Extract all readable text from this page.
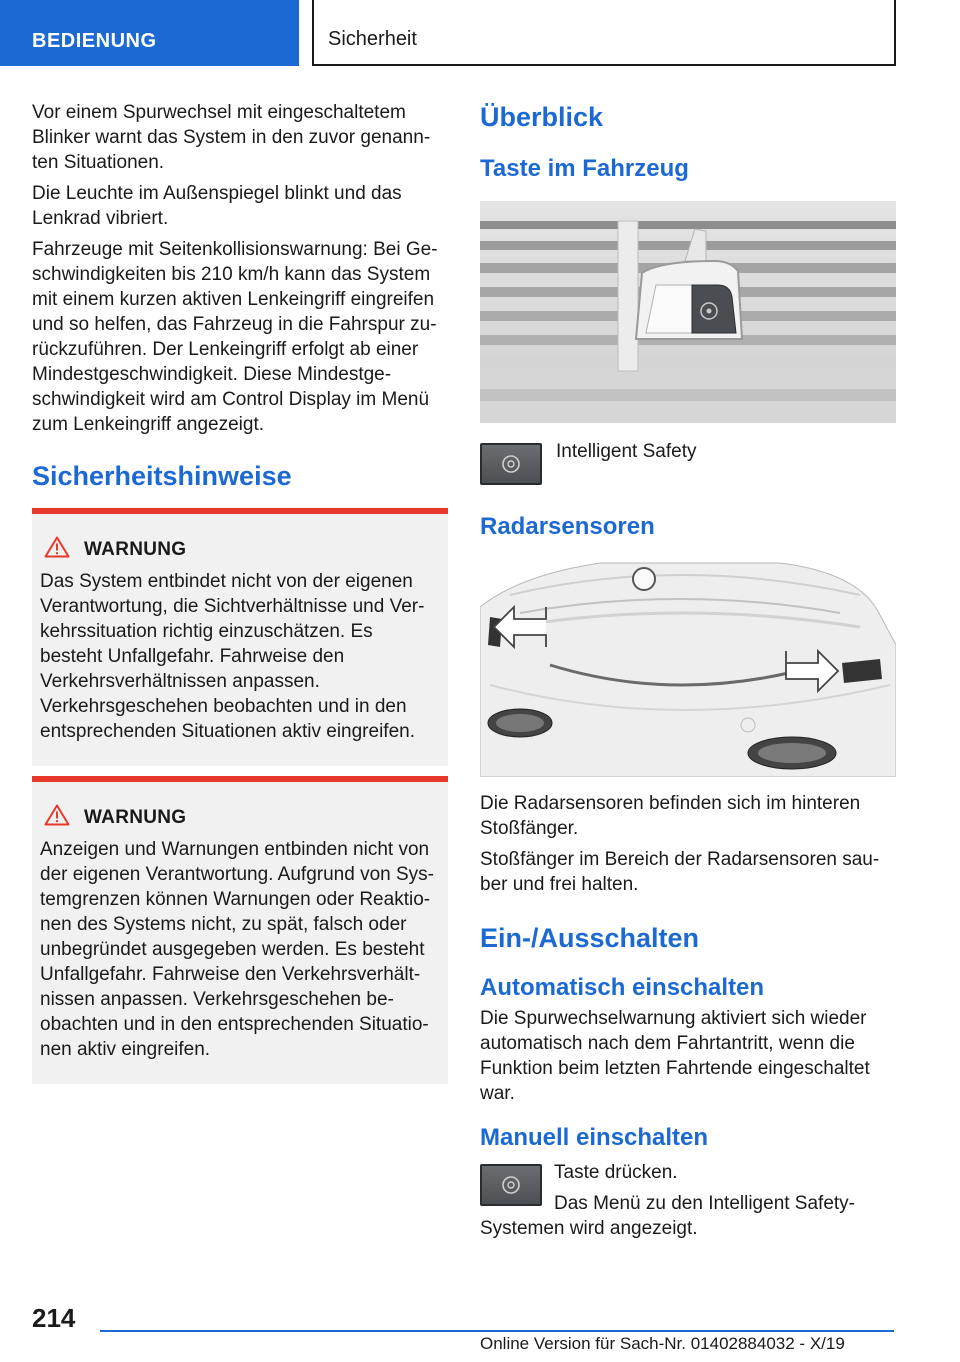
BEDIENUNG	Sicherheit

Vor einem Spurwechsel mit eingeschaltetem Blinker warnt das System in den zuvor genannten Situationen.

Die Leuchte im Außenspiegel blinkt und das Lenkrad vibriert.

Fahrzeuge mit Seitenkollisionswarnung: Bei Geschwindigkeiten bis 210 km/h kann das System mit einem kurzen aktiven Lenkeingriff eingreifen und so helfen, das Fahrzeug in die Fahrspur zurückzuführen. Der Lenkeingriff erfolgt ab einer Mindestgeschwindigkeit. Diese Mindestgeschwindigkeit wird am Control Display im Menü zum Lenkeingriff angezeigt.

Sicherheitshinweise
WARNUNG

Das System entbindet nicht von der eigenen Verantwortung, die Sichtverhältnisse und Verkehrssituation richtig einzuschätzen. Es besteht Unfallgefahr. Fahrweise den Verkehrsverhältnissen anpassen. Verkehrsgeschehen beobachten und in den entsprechenden Situationen aktiv eingreifen.

WARNUNG

Anzeigen und Warnungen entbinden nicht von der eigenen Verantwortung. Aufgrund von Systemgrenzen können Warnungen oder Reaktionen des Systems nicht, zu spät, falsch oder unbegründet ausgegeben werden. Es besteht Unfallgefahr. Fahrweise den Verkehrsverhältnissen anpassen. Verkehrsgeschehen beobachten und in den entsprechenden Situationen aktiv eingreifen.

Überblick
Taste im Fahrzeug

Intelligent Safety

Radarsensoren

Die Radarsensoren befinden sich im hinteren Stoßfänger.

Stoßfänger im Bereich der Radarsensoren sauber und frei halten.

Ein-/Ausschalten
Automatisch einschalten

Die Spurwechselwarnung aktiviert sich wieder automatisch nach dem Fahrtantritt, wenn die Funktion beim letzten Fahrtende eingeschaltet war.

Manuell einschalten

Taste drücken.

Das Menü zu den Intelligent Safety-Systemen wird angezeigt.

214
Online Version für Sach-Nr. 01402884032 - X/19
